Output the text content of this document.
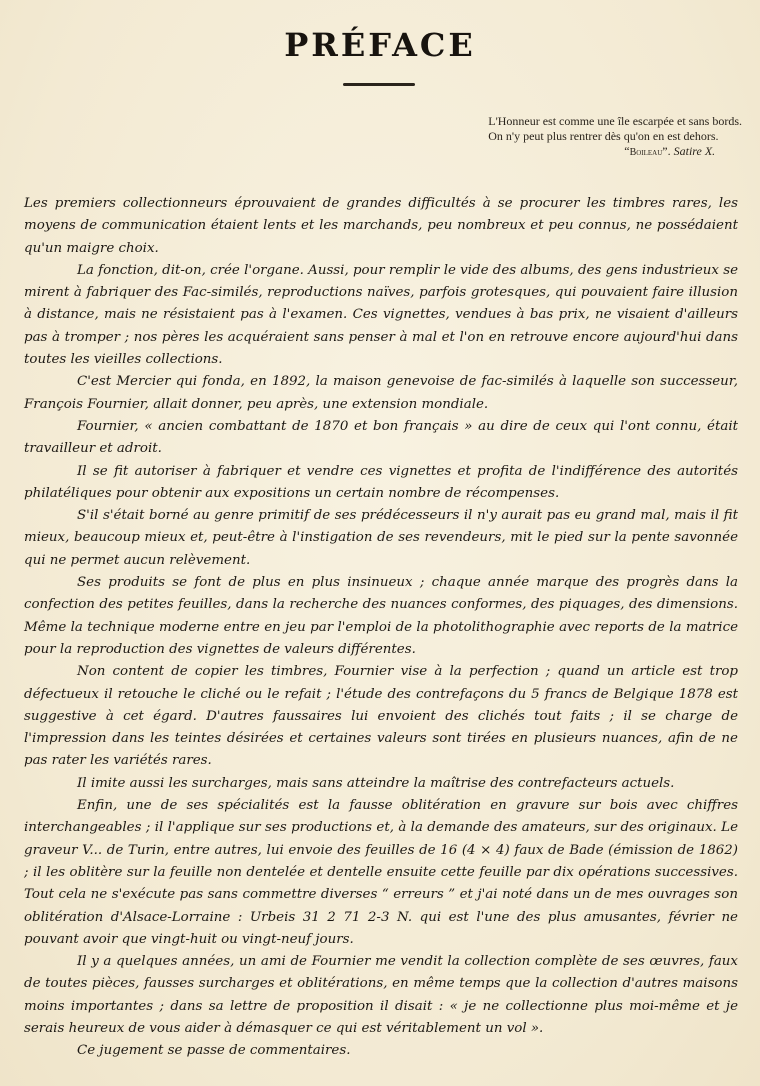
PRÉFACE
L'Honneur est comme une île escarpée et sans bords.
On n'y peut plus rentrer dès qu'on en est dehors.
“Boileau”. Satire X.

Les premiers collectionneurs éprouvaient de grandes difficultés à se procurer les timbres rares, les moyens de communication étaient lents et les marchands, peu nombreux et peu connus, ne possédaient qu'un maigre choix.

La fonction, dit-on, crée l'organe. Aussi, pour remplir le vide des albums, des gens industrieux se mirent à fabriquer des Fac-similés, reproductions naïves, parfois grotesques, qui pouvaient faire illusion à distance, mais ne résistaient pas à l'examen. Ces vignettes, vendues à bas prix, ne visaient d'ailleurs pas à tromper ; nos pères les acquéraient sans penser à mal et l'on en retrouve encore aujourd'hui dans toutes les vieilles collections.

C'est Mercier qui fonda, en 1892, la maison genevoise de fac-similés à laquelle son successeur, François Fournier, allait donner, peu après, une extension mondiale.

Fournier, « ancien combattant de 1870 et bon français » au dire de ceux qui l'ont connu, était travailleur et adroit.

Il se fit autoriser à fabriquer et vendre ces vignettes et profita de l'indifférence des autorités philatéliques pour obtenir aux expositions un certain nombre de récompenses.

S'il s'était borné au genre primitif de ses prédécesseurs il n'y aurait pas eu grand mal, mais il fit mieux, beaucoup mieux et, peut-être à l'instigation de ses revendeurs, mit le pied sur la pente savonnée qui ne permet aucun relèvement.

Ses produits se font de plus en plus insinueux ; chaque année marque des progrès dans la confection des petites feuilles, dans la recherche des nuances conformes, des piquages, des dimensions. Même la technique moderne entre en jeu par l'emploi de la photolithographie avec reports de la matrice pour la reproduction des vignettes de valeurs différentes.

Non content de copier les timbres, Fournier vise à la perfection ; quand un article est trop défectueux il retouche le cliché ou le refait ; l'étude des contrefaçons du 5 francs de Belgique 1878 est suggestive à cet égard. D'autres faussaires lui envoient des clichés tout faits ; il se charge de l'impression dans les teintes désirées et certaines valeurs sont tirées en plusieurs nuances, afin de ne pas rater les variétés rares.

Il imite aussi les surcharges, mais sans atteindre la maîtrise des contrefacteurs actuels.

Enfin, une de ses spécialités est la fausse oblitération en gravure sur bois avec chiffres interchangeables ; il l'applique sur ses productions et, à la demande des amateurs, sur des originaux. Le graveur V... de Turin, entre autres, lui envoie des feuilles de 16 (4 × 4) faux de Bade (émission de 1862) ; il les oblitère sur la feuille non dentelée et dentelle ensuite cette feuille par dix opérations successives. Tout cela ne s'exécute pas sans commettre diverses “ erreurs ” et j'ai noté dans un de mes ouvrages son oblitération d'Alsace-Lorraine : Urbeis 31 2 71 2-3 N. qui est l'une des plus amusantes, février ne pouvant avoir que vingt-huit ou vingt-neuf jours.

Il y a quelques années, un ami de Fournier me vendit la collection complète de ses œuvres, faux de toutes pièces, fausses surcharges et oblitérations, en même temps que la collection d'autres maisons moins importantes ; dans sa lettre de proposition il disait : « je ne collectionne plus moi-même et je serais heureux de vous aider à démasquer ce qui est véritablement un vol ».

Ce jugement se passe de commentaires.
